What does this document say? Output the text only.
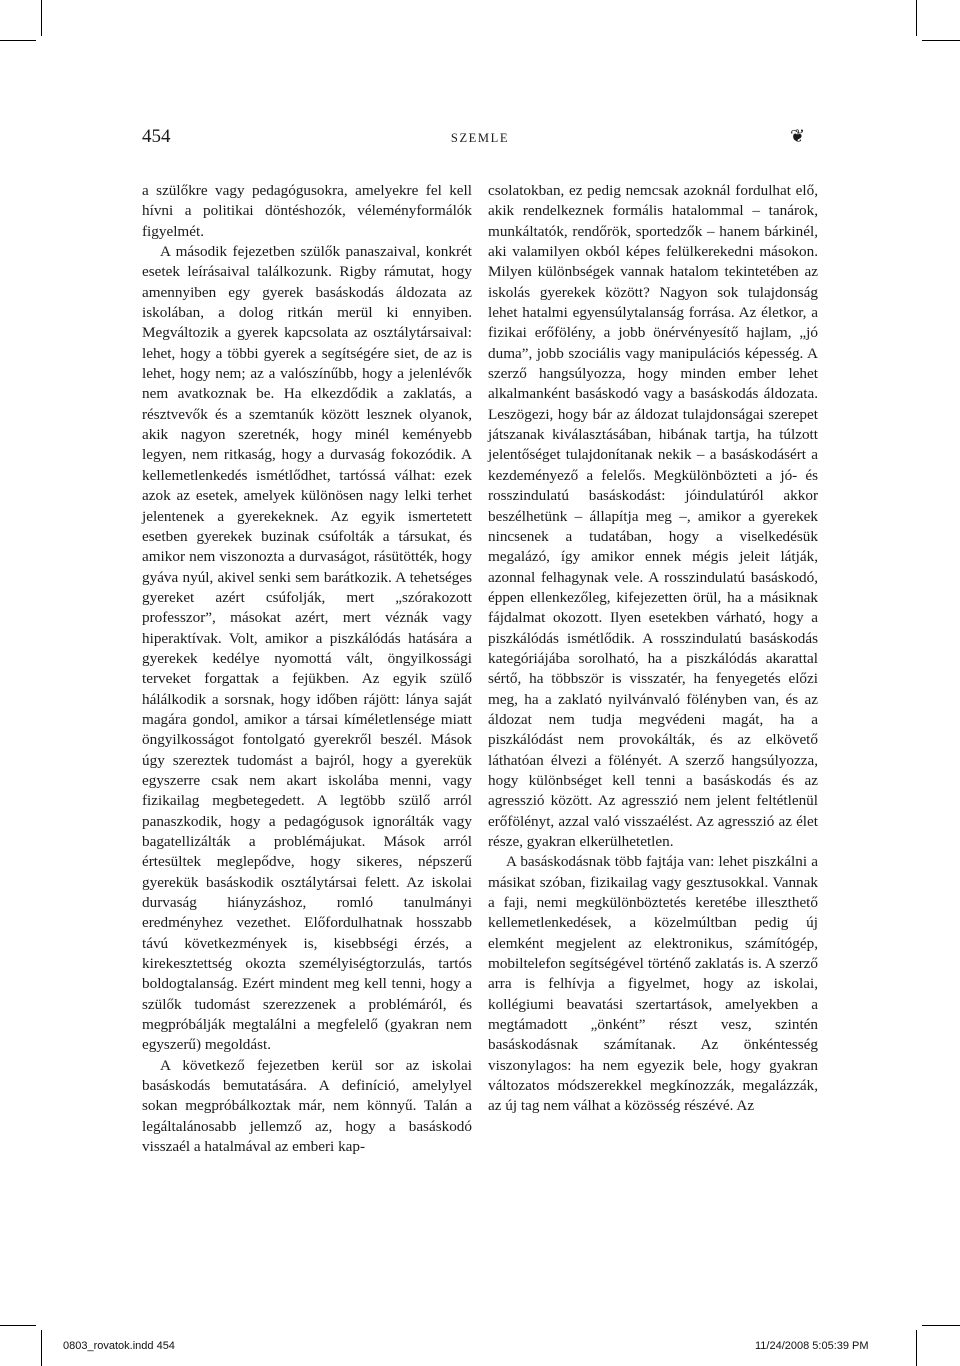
454	SZEMLE	❦

a szülőkre vagy pedagógusokra, amelyekre fel kell hívni a politikai döntéshozók, véleményformálók figyelmét.

A második fejezetben szülők panaszaival, konkrét esetek leírásaival találkozunk. Rigby rámutat, hogy amennyiben egy gyerek basáskodás áldozata az iskolában, a dolog ritkán merül ki ennyiben. Megváltozik a gyerek kapcsolata az osztálytársaival: lehet, hogy a többi gyerek a segítségére siet, de az is lehet, hogy nem; az a valószínűbb, hogy a jelenlévők nem avatkoznak be. Ha elkezdődik a zaklatás, a résztvevők és a szemtanúk között lesznek olyanok, akik nagyon szeretnék, hogy minél keményebb legyen, nem ritkaság, hogy a durvaság fokozódik. A kellemetlenkedés ismétlődhet, tartóssá válhat: ezek azok az esetek, amelyek különösen nagy lelki terhet jelentenek a gyerekeknek. Az egyik ismertetett esetben gyerekek buzinak csúfolták a társukat, és amikor nem viszonozta a durvaságot, rásütötték, hogy gyáva nyúl, akivel senki sem barátkozik. A tehetséges gyereket azért csúfolják, mert „szórakozott professzor”, másokat azért, mert véznák vagy hiperaktívak. Volt, amikor a piszkálódás hatására a gyerekek kedélye nyomottá vált, öngyilkossági terveket forgattak a fejükben. Az egyik szülő hálálkodik a sorsnak, hogy időben rájött: lánya saját magára gondol, amikor a társai kíméletlensége miatt öngyilkosságot fontolgató gyerekről beszél. Mások úgy szereztek tudomást a bajról, hogy a gyerekük egyszerre csak nem akart iskolába menni, vagy fizikailag megbetegedett. A legtöbb szülő arról panaszkodik, hogy a pedagógusok ignorálták vagy bagatellizálták a problémájukat. Mások arról értesültek meglepődve, hogy sikeres, népszerű gyerekük basáskodik osztálytársai felett. Az iskolai durvaság hiányzáshoz, romló tanulmányi eredményhez vezethet. Előfordulhatnak hosszabb távú következmények is, kisebbségi érzés, a kirekesztettség okozta személyiségtorzulás, tartós boldogtalanság. Ezért mindent meg kell tenni, hogy a szülők tudomást szerezzenek a problémáról, és megpróbálják megtalálni a megfelelő (gyakran nem egyszerű) megoldást.

A következő fejezetben kerül sor az iskolai basáskodás bemutatására. A definíció, amelylyel sokan megpróbálkoztak már, nem könnyű. Talán a legáltalánosabb jellemző az, hogy a basáskodó visszaél a hatalmával az emberi kap-

csolatokban, ez pedig nemcsak azoknál fordulhat elő, akik rendelkeznek formális hatalommal – tanárok, munkáltatók, rendőrök, sportedzők – hanem bárkinél, aki valamilyen okból képes felülkerekedni másokon. Milyen különbségek vannak hatalom tekintetében az iskolás gyerekek között? Nagyon sok tulajdonság lehet hatalmi egyensúlytalanság forrása. Az életkor, a fizikai erőfölény, a jobb önérvényesítő hajlam, „jó duma”, jobb szociális vagy manipulációs képesség. A szerző hangsúlyozza, hogy minden ember lehet alkalmanként basáskodó vagy a basáskodás áldozata. Leszögezi, hogy bár az áldozat tulajdonságai szerepet játszanak kiválasztásában, hibának tartja, ha túlzott jelentőséget tulajdonítanak nekik – a basáskodásért a kezdeményező a felelős. Megkülönbözteti a jó- és rosszindulatú basáskodást: jóindulatúról akkor beszélhetünk – állapítja meg –, amikor a gyerekek nincsenek a tudatában, hogy a viselkedésük megalázó, így amikor ennek mégis jeleit látják, azonnal felhagynak vele. A rosszindulatú basáskodó, éppen ellenkezőleg, kifejezetten örül, ha a másiknak fájdalmat okozott. Ilyen esetekben várható, hogy a piszkálódás ismétlődik. A rosszindulatú basáskodás kategóriájába sorolható, ha a piszkálódás akarattal sértő, ha többször is visszatér, ha fenyegetés előzi meg, ha a zaklató nyilvánvaló fölényben van, és az áldozat nem tudja megvédeni magát, ha a piszkálódást nem provokálták, és az elkövető láthatóan élvezi a fölényét. A szerző hangsúlyozza, hogy különbséget kell tenni a basáskodás és az agresszió között. Az agresszió nem jelent feltétlenül erőfölényt, azzal való visszaélést. Az agresszió az élet része, gyakran elkerülhetetlen.

A basáskodásnak több fajtája van: lehet piszkálni a másikat szóban, fizikailag vagy gesztusokkal. Vannak a faji, nemi megkülönböztetés keretébe illeszthető kellemetlenkedések, a közelmúltban pedig új elemként megjelent az elektronikus, számítógép, mobiltelefon segítségével történő zaklatás is. A szerző arra is felhívja a figyelmet, hogy az iskolai, kollégiumi beavatási szertartások, amelyekben a megtámadott „önként” részt vesz, szintén basáskodásnak számítanak. Az önkéntesség viszonylagos: ha nem egyezik bele, hogy gyakran változatos módszerekkel megkínozzák, megalázzák, az új tag nem válhat a közösség részévé. Az

0803_rovatok.indd 454	11/24/2008 5:05:39 PM
